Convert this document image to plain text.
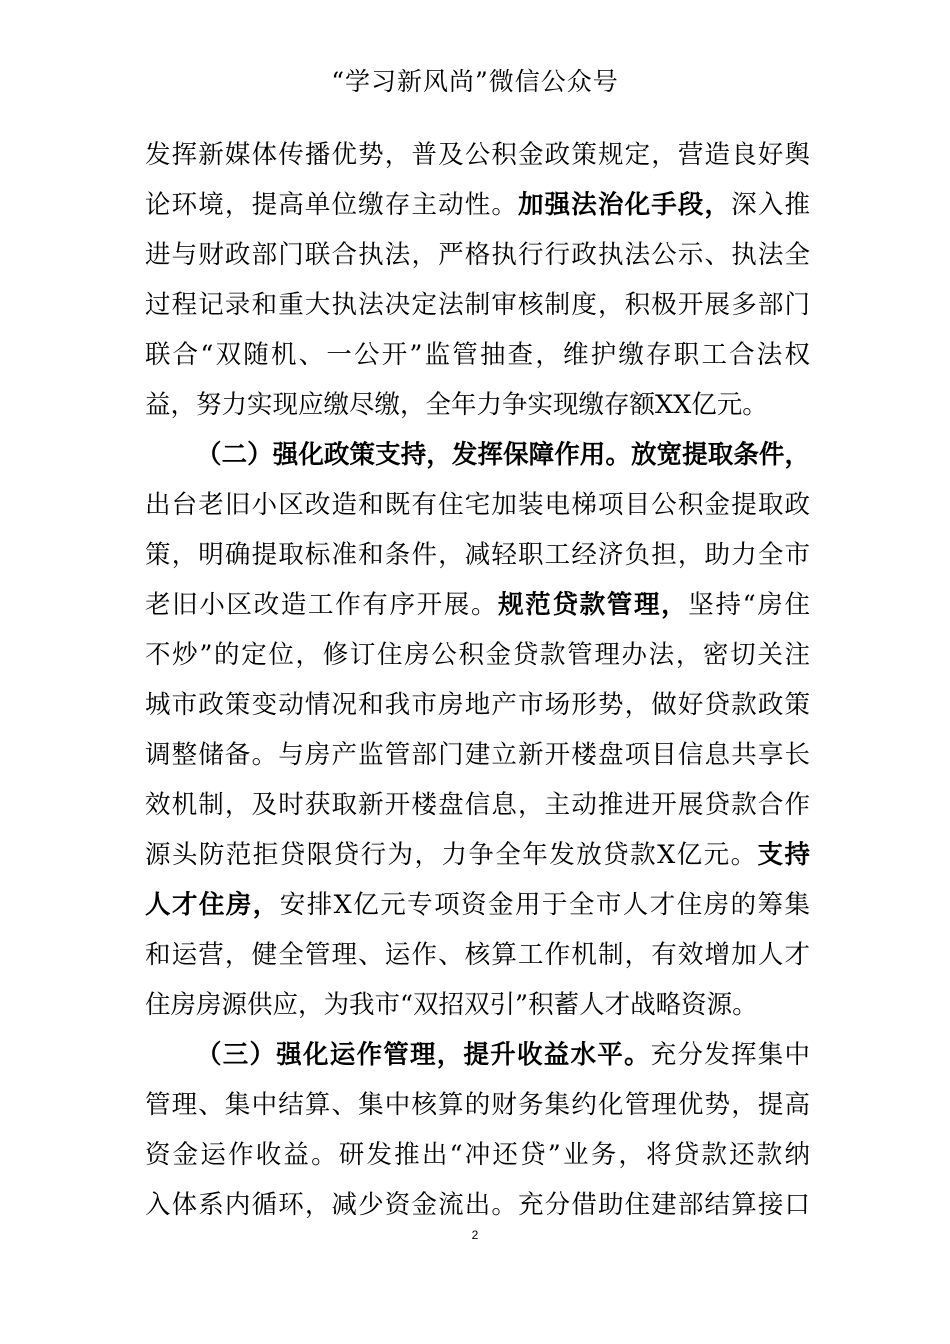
“学习新风尚”微信公众号

发挥新媒体传播优势，普及公积金政策规定，营造良好舆

论环境，提高单位缴存主动性。加强法治化手段，深入推

进与财政部门联合执法，严格执行行政执法公示、执法全

过程记录和重大执法决定法制审核制度，积极开展多部门

联合“双随机、一公开”监管抽查，维护缴存职工合法权

益，努力实现应缴尽缴，全年力争实现缴存额XX亿元。

（二）强化政策支持，发挥保障作用。放宽提取条件，

出台老旧小区改造和既有住宅加装电梯项目公积金提取政

策，明确提取标准和条件，减轻职工经济负担，助力全市

老旧小区改造工作有序开展。规范贷款管理，坚持“房住

不炒”的定位，修订住房公积金贷款管理办法，密切关注

城市政策变动情况和我市房地产市场形势，做好贷款政策

调整储备。与房产监管部门建立新开楼盘项目信息共享长

效机制，及时获取新开楼盘信息，主动推进开展贷款合作

源头防范拒贷限贷行为，力争全年发放贷款X亿元。支持

人才住房，安排X亿元专项资金用于全市人才住房的筹集

和运营，健全管理、运作、核算工作机制，有效增加人才

住房房源供应，为我市“双招双引”积蓄人才战略资源。

（三）强化运作管理，提升收益水平。充分发挥集中

管理、集中结算、集中核算的财务集约化管理优势，提高

资金运作收益。研发推出“冲还贷”业务，将贷款还款纳

入体系内循环，减少资金流出。充分借助住建部结算接口

2
